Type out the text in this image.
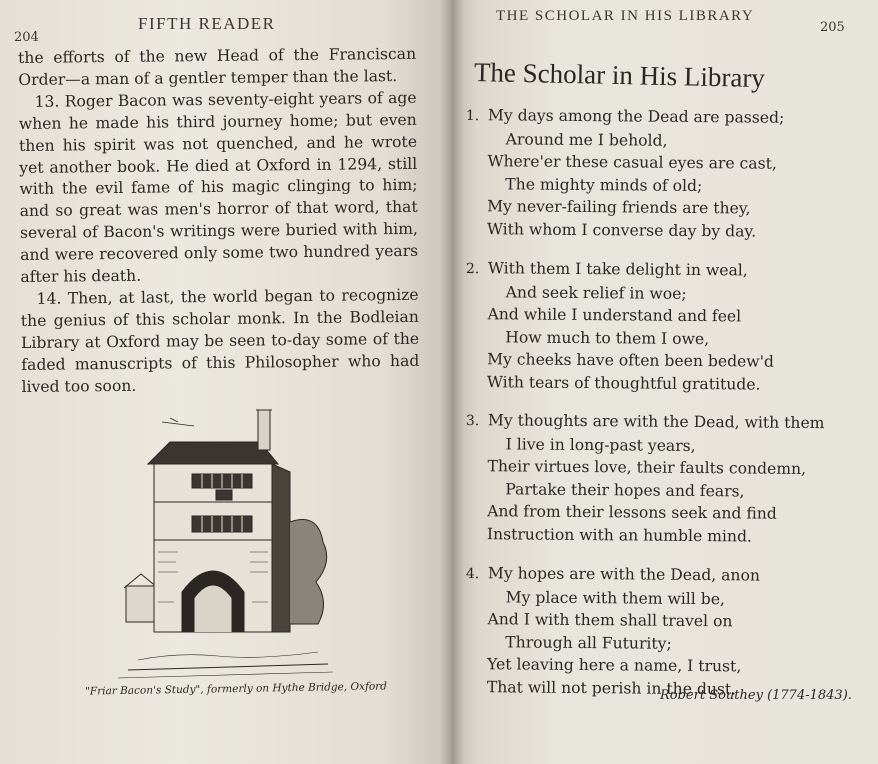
204
FIFTH READER

the efforts of the new Head of the Franciscan Order—a man of a gentler temper than the last.

13. Roger Bacon was seventy-eight years of age when he made his third journey home; but even then his spirit was not quenched, and he wrote yet another book. He died at Oxford in 1294, still with the evil fame of his magic clinging to him; and so great was men's horror of that word, that several of Bacon's writings were buried with him, and were recovered only some two hundred years after his death.

14. Then, at last, the world began to recognize the genius of this scholar monk. In the Bodleian Library at Oxford may be seen to-day some of the faded manuscripts of this Philosopher who had lived too soon.

"Friar Bacon's Study", formerly on Hythe Bridge, Oxford
THE SCHOLAR IN HIS LIBRARY
205
The Scholar in His Library
1. My days among the Dead are passed;
Around me I behold,
Where'er these casual eyes are cast,
The mighty minds of old;
My never-failing friends are they,
With whom I converse day by day.
2. With them I take delight in weal,
And seek relief in woe;
And while I understand and feel
How much to them I owe,
My cheeks have often been bedew'd
With tears of thoughtful gratitude.
3. My thoughts are with the Dead, with them
I live in long-past years,
Their virtues love, their faults condemn,
Partake their hopes and fears,
And from their lessons seek and find
Instruction with an humble mind.
4. My hopes are with the Dead, anon
My place with them will be,
And I with them shall travel on
Through all Futurity;
Yet leaving here a name, I trust,
That will not perish in the dust.
Robert Southey (1774-1843).
